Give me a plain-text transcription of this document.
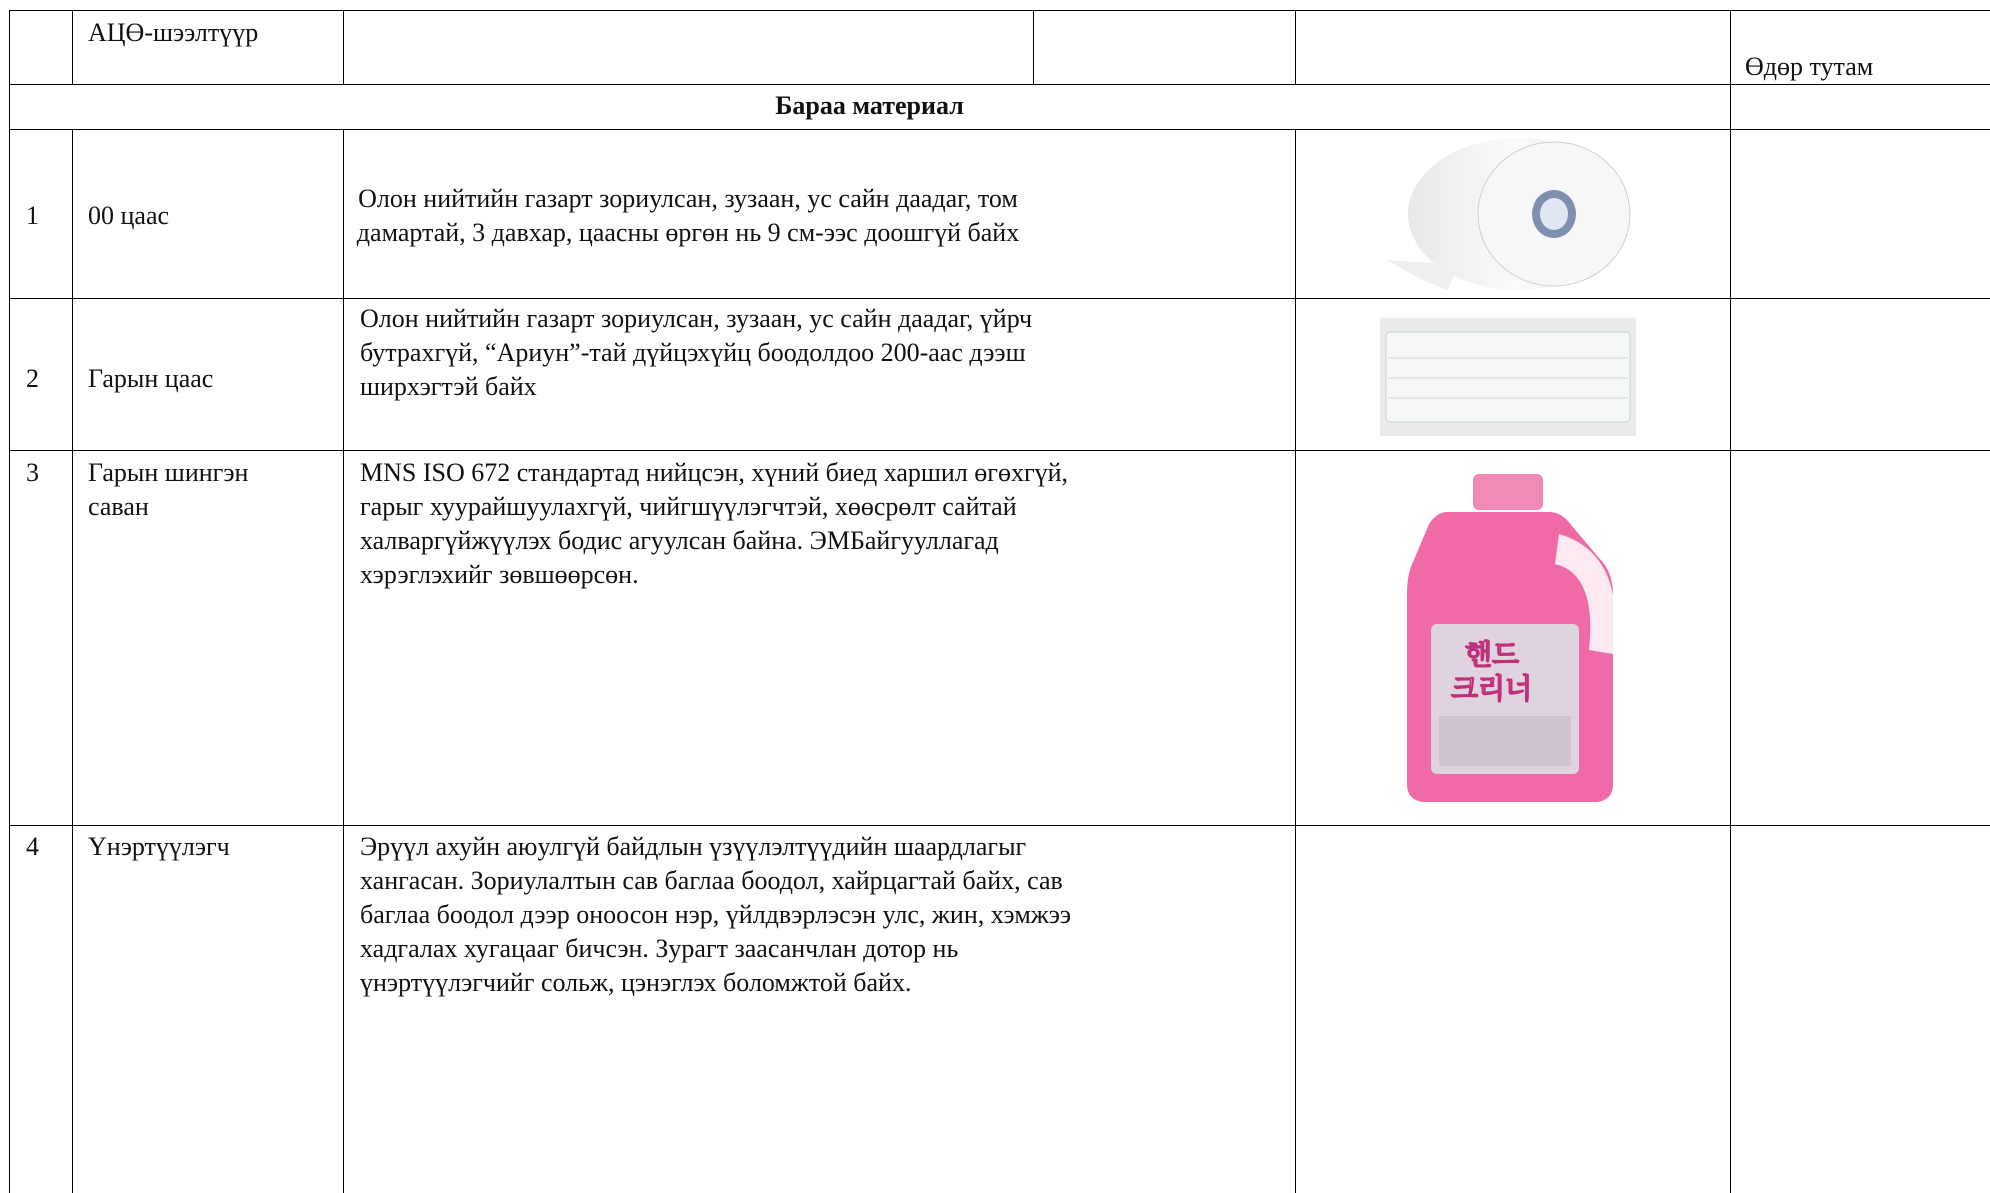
АЦӨ-шээлтүүр
Өдөр тутам
Бараа материал
1 00 цаас
Олон нийтийн газарт зориулсан, зузаан, ус сайн даадаг, том
дамартай, 3 давхар, цаасны өргөн нь 9 см-ээс доошгүй байх
2 Гарын цаас
Олон нийтийн газарт зориулсан, зузаан, ус сайн даадаг, үйрч
бутрахгүй, “Ариун”-тай дүйцэхүйц боодолдоо 200-аас дээш
ширхэгтэй байх
3 Гарын шингэн
саван
MNS ISO 672 стандартад нийцсэн, хүний биед харшил өгөхгүй,
гарыг хуурайшуулахгүй, чийгшүүлэгчтэй, хөөсрөлт сайтай
халваргүйжүүлэх бодис агуулсан байна. ЭМБайгууллагад
хэрэглэхийг зөвшөөрсөн.
핸드
크리너
4 Үнэртүүлэгч	Эрүүл ахуйн аюулгүй байдлын үзүүлэлтүүдийн шаардлагыг
хангасан. Зориулалтын сав баглаа боодол, хайрцагтай байх, сав
баглаа боодол дээр оноосон нэр, үйлдвэрлэсэн улс, жин, хэмжээ
хадгалах хугацааг бичсэн. Зурагт заасанчлан дотор нь
үнэртүүлэгчийг сольж, цэнэглэх боломжтой байх.
